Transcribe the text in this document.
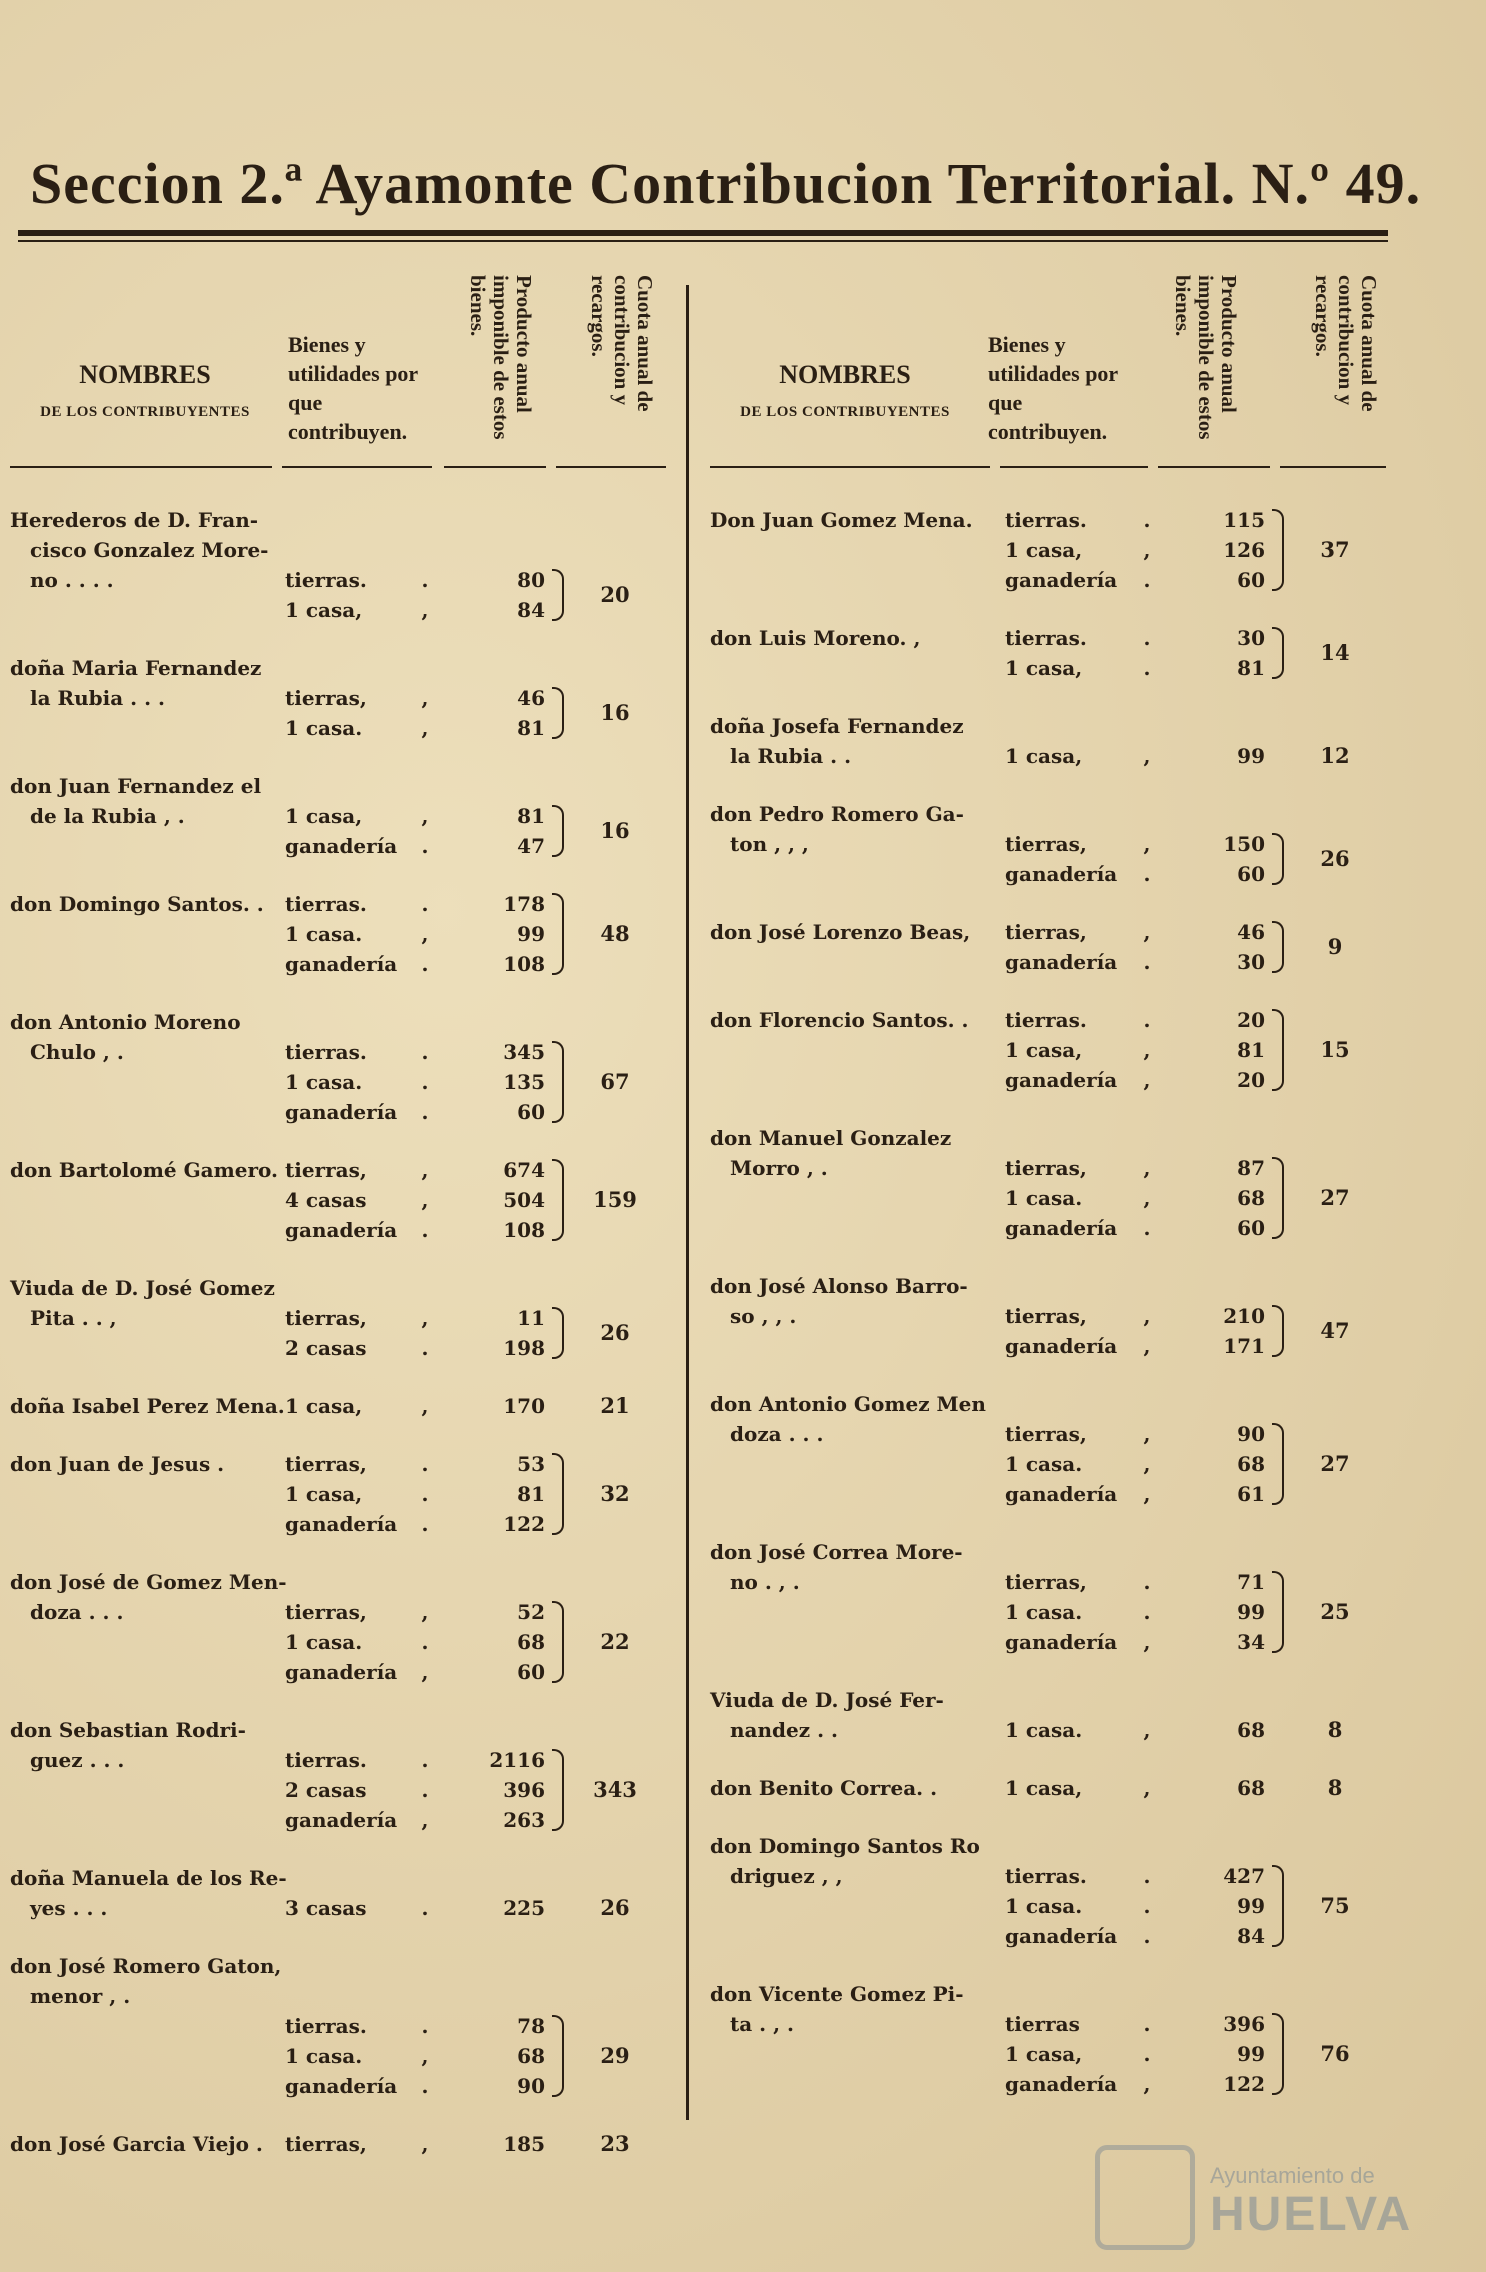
Seccion 2.ª Ayamonte Contribucion Territorial. N.º 49.
NOMBRES
DE LOS CONTRIBUYENTES
Bienes y utilidades por que contribuyen.
Producto anual imponible de estos bienes.	Cuota anual de contribucion y recargos.
Herederos de D. Fran-
cisco Gonzalez More-
no . . . .	tierras.	.	80
1 casa,	,	84
20
doña Maria Fernandez
la Rubia . . .	tierras,	,	46
1 casa.	,	81
16
don Juan Fernandez el
de la Rubia , .	1 casa,	,	81
ganadería	.	47
16
don Domingo Santos. .	tierras.	.	178
1 casa.	,	99
ganadería	.	108
48
don Antonio Moreno
Chulo , .	tierras.	.	345
1 casa.	.	135
ganadería	.	60
67
don Bartolomé Gamero. tierras,	,	674
4 casas	,	504
ganadería	.	108
159
Viuda de D. José Gomez
Pita . . ,	tierras,	,	11
2 casas	.	198
26
doña Isabel Perez Mena. 1 casa,	,	170	21
don Juan de Jesus .	tierras,	.	53
1 casa,	.	81
ganadería	.	122
32
don José de Gomez Men-
doza . . .	tierras,	,	52
1 casa.	.	68
ganadería	,	60
22
don Sebastian Rodri-
guez . . .	tierras.	.	2116
2 casas	.	396
ganadería	,	263
343
doña Manuela de los Re-
yes . . .	3 casas	.	225	26
don José Romero Gaton,
menor , .
tierras.	.	78
1 casa.	,	68
ganadería	.	90
29
don José Garcia Viejo .	tierras,	,	185	23
NOMBRES
DE LOS CONTRIBUYENTES
Bienes y utilidades por que contribuyen.
Producto anual imponible de estos bienes.	Cuota anual de contribucion y recargos.
Don Juan Gomez Mena.	tierras.	.	115
1 casa,	,	126
ganadería	.	60
37
don Luis Moreno. ,	tierras.	.	30
1 casa,	.	81
14
doña Josefa Fernandez
la Rubia . .	1 casa,	,	99	12
don Pedro Romero Ga-
ton , , ,	tierras,	,	150
ganadería	.	60
26
don José Lorenzo Beas,	tierras,	,	46
ganadería	.	30
9
don Florencio Santos. .	tierras.	.	20
1 casa,	,	81
ganadería	,	20
15
don Manuel Gonzalez
Morro , .	tierras,	,	87
1 casa.	,	68
ganadería	.	60
27
don José Alonso Barro-
so , , .	tierras,	,	210
ganadería	,	171
47
don Antonio Gomez Men
doza . . .	tierras,	,	90
1 casa.	,	68
ganadería	,	61
27
don José Correa More-
no . , .	tierras,	.	71
1 casa.	.	99
ganadería	,	34
25
Viuda de D. José Fer-
nandez . .	1 casa.	,	68	8
don Benito Correa. .	1 casa,	,	68	8
don Domingo Santos Ro
driguez , ,	tierras.	.	427
1 casa.	.	99
ganadería	.	84
75
don Vicente Gomez Pi-
ta . , .	tierras	.	396
1 casa,	.	99
ganadería	,	122
76
Ayuntamiento de
HUELVA
